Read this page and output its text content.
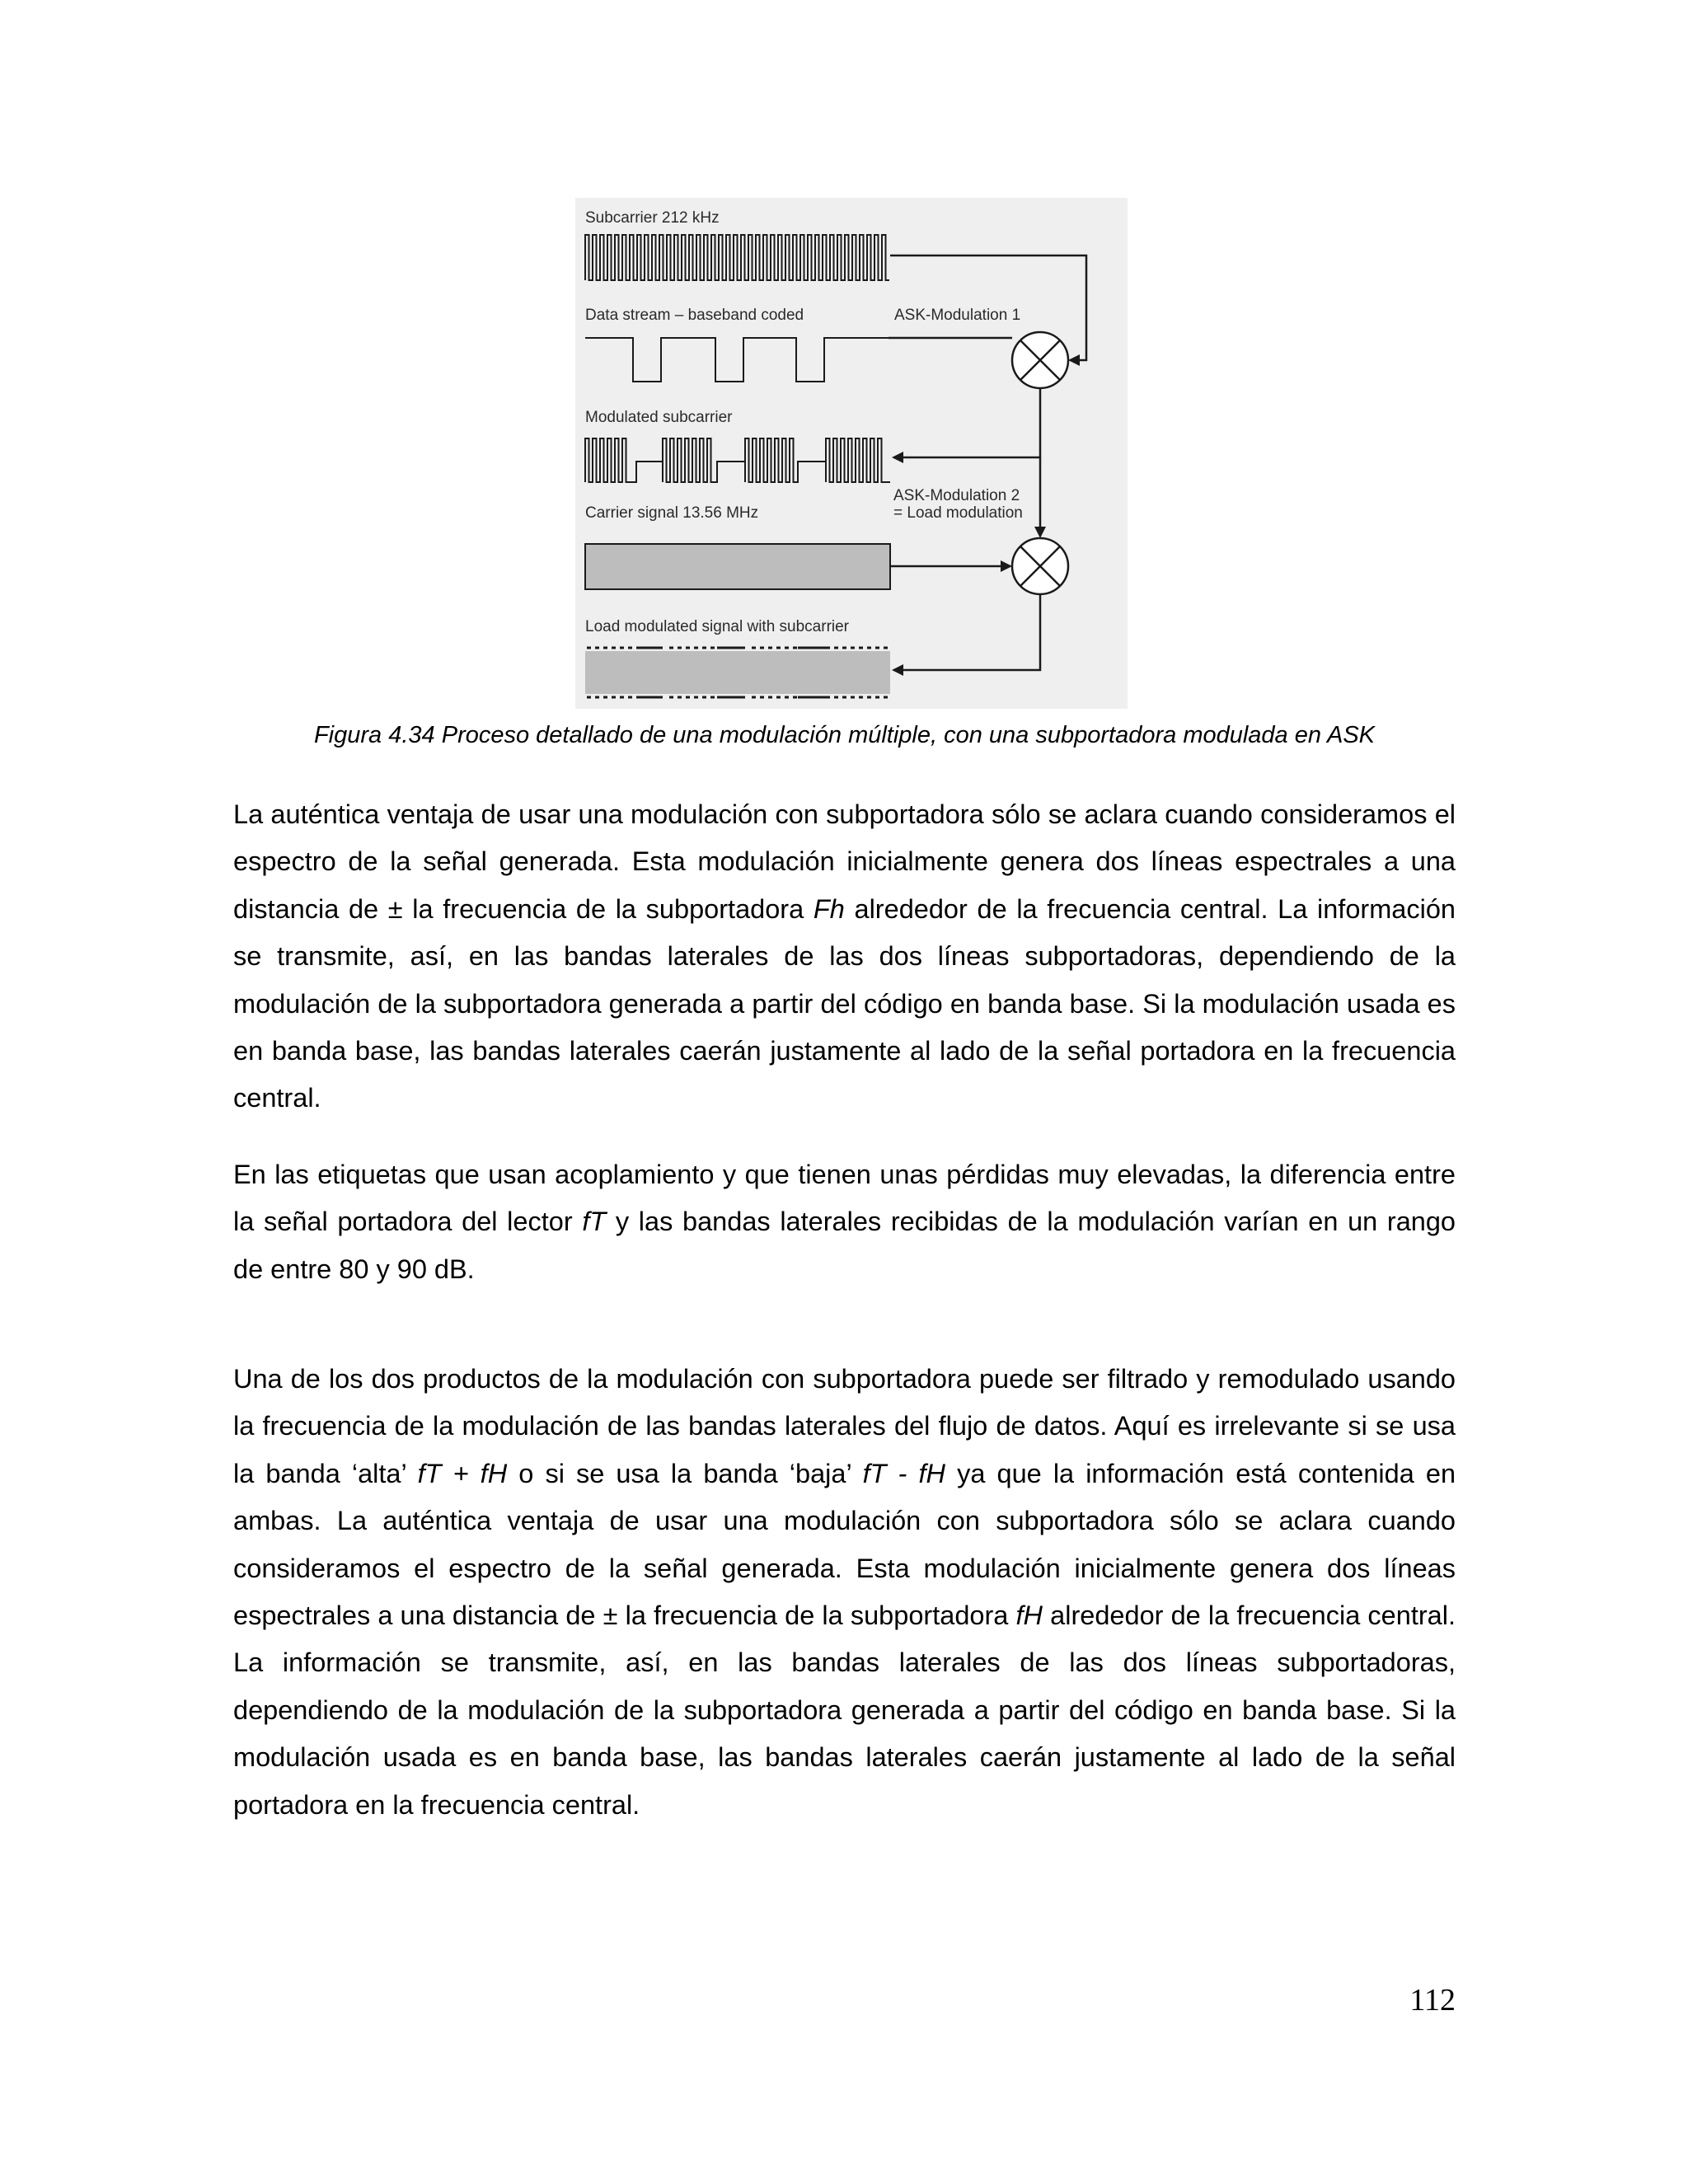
Subcarrier 212 kHz
Data stream – baseband coded	ASK-Modulation 1
Modulated subcarrier
ASK-Modulation 2
= Load modulation
Carrier signal 13.56 MHz
Load modulated signal with subcarrier
Figura 4.34 Proceso detallado de una modulación múltiple, con una subportadora modulada en ASK
La auténtica ventaja de usar una modulación con subportadora sólo se aclara cuando consideramos el espectro de la señal generada. Esta modulación inicialmente genera dos líneas espectrales a una distancia de ± la frecuencia de la subportadora Fh alrededor de la frecuencia central. La información se transmite, así, en las bandas laterales de las dos líneas subportadoras, dependiendo de la modulación de la subportadora generada a partir del código en banda base. Si la modulación usada es en banda base, las bandas laterales caerán justamente al lado de la señal portadora en la frecuencia central.
En las etiquetas que usan acoplamiento y que tienen unas pérdidas muy elevadas, la diferencia entre la señal portadora del lector fT y las bandas laterales recibidas de la modulación varían en un rango de entre 80 y 90 dB.
Una de los dos productos de la modulación con subportadora puede ser filtrado y remodulado usando la frecuencia de la modulación de las bandas laterales del flujo de datos. Aquí es irrelevante si se usa la banda ‘alta’ fT + fH o si se usa la banda ‘baja’ fT - fH ya que la información está contenida en ambas. La auténtica ventaja de usar una modulación con subportadora sólo se aclara cuando consideramos el espectro de la señal generada. Esta modulación inicialmente genera dos líneas espectrales a una distancia de ± la frecuencia de la subportadora fH alrededor de la frecuencia central. La información se transmite, así, en las bandas laterales de las dos líneas subportadoras, dependiendo de la modulación de la subportadora generada a partir del código en banda base. Si la modulación usada es en banda base, las bandas laterales caerán justamente al lado de la señal portadora en la frecuencia central.
112
